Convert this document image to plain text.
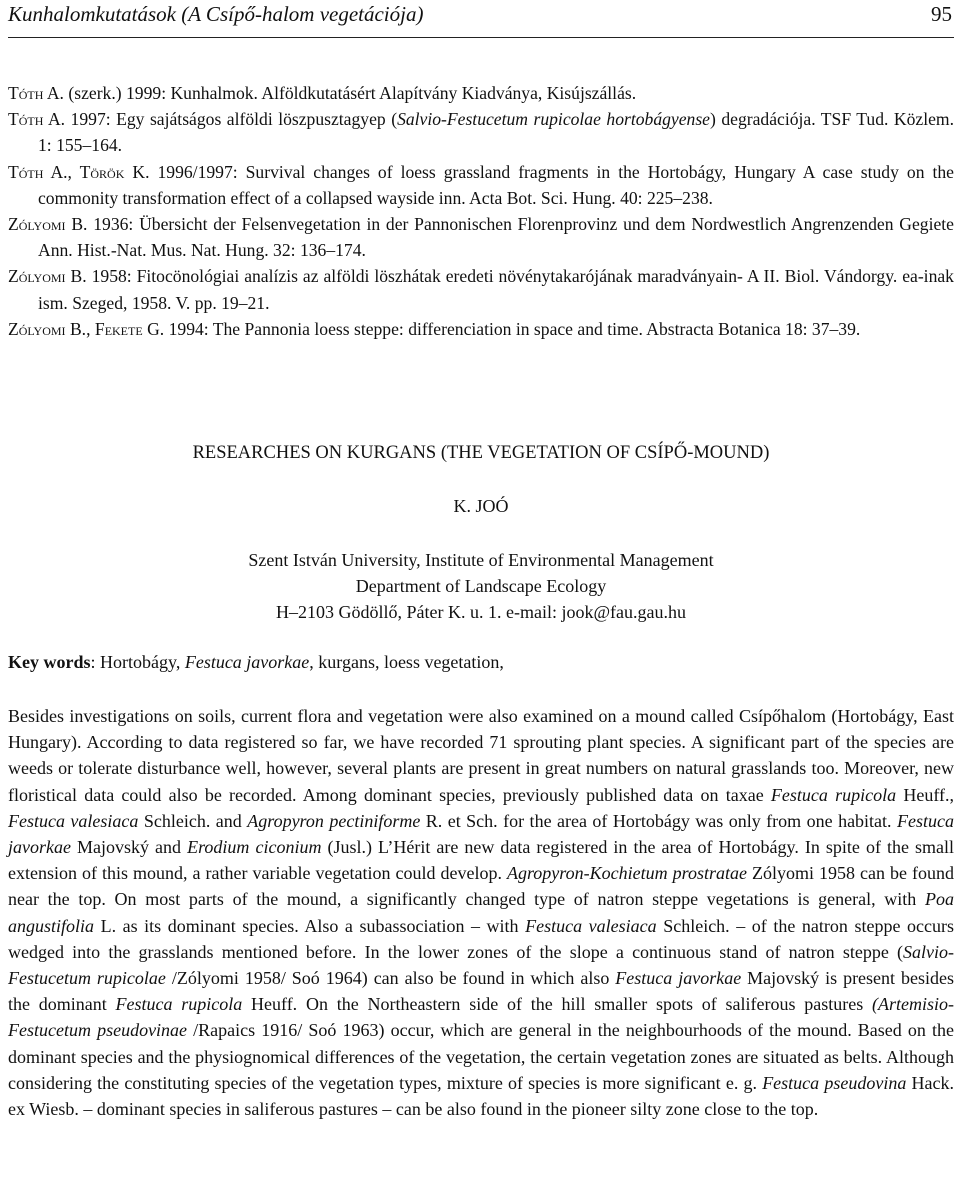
Kunhalomkutatások (A Csípő-halom vegetációja)	95
Tóth A. (szerk.) 1999: Kunhalmok. Alföldkutatásért Alapítvány Kiadványa, Kisújszállás.
Tóth A. 1997: Egy sajátságos alföldi löszpusztagyep (Salvio-Festucetum rupicolae hortobágyense) degradációja. TSF Tud. Közlem. 1: 155–164.
Tóth A., Török K. 1996/1997: Survival changes of loess grassland fragments in the Hortobágy, Hungary A case study on the commonity transformation effect of a collapsed wayside inn. Acta Bot. Sci. Hung. 40: 225–238.
Zólyomi B. 1936: Übersicht der Felsenvegetation in der Pannonischen Florenprovinz und dem Nordwestlich Angrenzenden Gegiete Ann. Hist.-Nat. Mus. Nat. Hung. 32: 136–174.
Zólyomi B. 1958: Fitocönológiai analízis az alföldi löszhátak eredeti növénytakarójának maradványain- A II. Biol. Vándorgy. ea-inak ism. Szeged, 1958. V. pp. 19–21.
Zólyomi B., Fekete G. 1994: The Pannonia loess steppe: differenciation in space and time. Abstracta Botanica 18: 37–39.
RESEARCHES ON KURGANS (THE VEGETATION OF CSÍPŐ-MOUND)
K. JOÓ
Szent István University, Institute of Environmental Management
Department of Landscape Ecology
H–2103 Gödöllő, Páter K. u. 1. e-mail: jook@fau.gau.hu
Key words: Hortobágy, Festuca javorkae, kurgans, loess vegetation,
Besides investigations on soils, current flora and vegetation were also examined on a mound called Csípőhalom (Hortobágy, East Hungary). According to data registered so far, we have recorded 71 sprouting plant species. A significant part of the species are weeds or tolerate disturbance well, however, several plants are present in great numbers on natural grasslands too. Moreover, new floristical data could also be recorded. Among dominant species, previously published data on taxae Festuca rupicola Heuff., Festuca valesiaca Schleich. and Agropyron pectiniforme R. et Sch. for the area of Hortobágy was only from one habitat. Festuca javorkae Majovský and Erodium ciconium (Jusl.) L’Hérit are new data registered in the area of Hortobágy. In spite of the small extension of this mound, a rather variable vegetation could develop. Agropyron-Kochietum prostratae Zólyomi 1958 can be found near the top. On most parts of the mound, a significantly changed type of natron steppe vegetations is general, with Poa angustifolia L. as its dominant species. Also a subassociation – with Festuca valesiaca Schleich. – of the natron steppe occurs wedged into the grasslands mentioned before. In the lower zones of the slope a continuous stand of natron steppe (Salvio-Festucetum rupicolae /Zólyomi 1958/ Soó 1964) can also be found in which also Festuca javorkae Majovský is present besides the dominant Festuca rupicola Heuff. On the Northeastern side of the hill smaller spots of saliferous pastures (Artemisio-Festucetum pseudovinae /Rapaics 1916/ Soó 1963) occur, which are general in the neighbourhoods of the mound. Based on the dominant species and the physiognomical differences of the vegetation, the certain vegetation zones are situated as belts. Although considering the constituting species of the vegetation types, mixture of species is more significant e. g. Festuca pseudovina Hack. ex Wiesb. – dominant species in saliferous pastures – can be also found in the pioneer silty zone close to the top.
